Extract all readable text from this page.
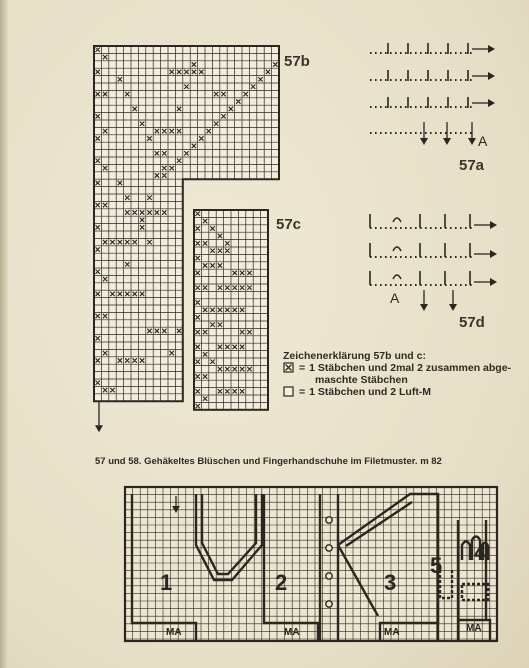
57b
57c
57a
57d
A
A
1	2	3
4
5
MA	MA	MA	MA
Zeichenerklärung 57b und c:
= 1 Stäbchen und 2mal 2 zusammen abge-
maschte Stäbchen
= 1 Stäbchen und 2 Luft-M
57 und 58. Gehäkeltes Blüschen und Fingerhandschuhe im Filetmuster. m 82
